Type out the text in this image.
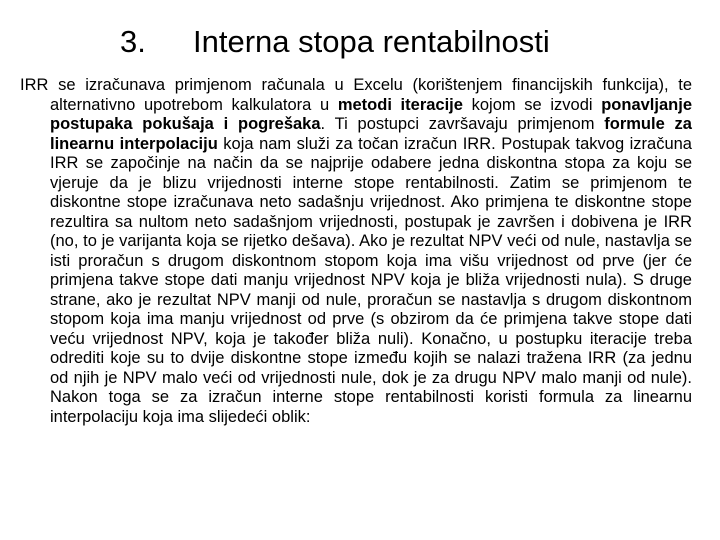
3. Interna stopa rentabilnosti
IRR se izračunava primjenom računala u Excelu (korištenjem financijskih funkcija), te alternativno upotrebom kalkulatora u metodi iteracije kojom se izvodi ponavljanje postupaka pokušaja i pogrešaka. Ti postupci završavaju primjenom formule za linearnu interpolaciju koja nam služi za točan izračun IRR. Postupak takvog izračuna IRR se započinje na način da se najprije odabere jedna diskontna stopa za koju se vjeruje da je blizu vrijednosti interne stope rentabilnosti. Zatim se primjenom te diskontne stope izračunava neto sadašnju vrijednost. Ako primjena te diskontne stope rezultira sa nultom neto sadašnjom vrijednosti, postupak je završen i dobivena je IRR (no, to je varijanta koja se rijetko dešava). Ako je rezultat NPV veći od nule, nastavlja se isti proračun s drugom diskontnom stopom koja ima višu vrijednost od prve (jer će primjena takve stope dati manju vrijednost NPV koja je bliža vrijednosti nula). S druge strane, ako je rezultat NPV manji od nule, proračun se nastavlja s drugom diskontnom stopom koja ima manju vrijednost od prve (s obzirom da će primjena takve stope dati veću vrijednost NPV, koja je također bliža nuli). Konačno, u postupku iteracije treba odrediti koje su to dvije diskontne stope između kojih se nalazi tražena IRR (za jednu od njih je NPV malo veći od vrijednosti nule, dok je za drugu NPV malo manji od nule). Nakon toga se za izračun interne stope rentabilnosti koristi formula za linearnu interpolaciju koja ima slijedeći oblik:
